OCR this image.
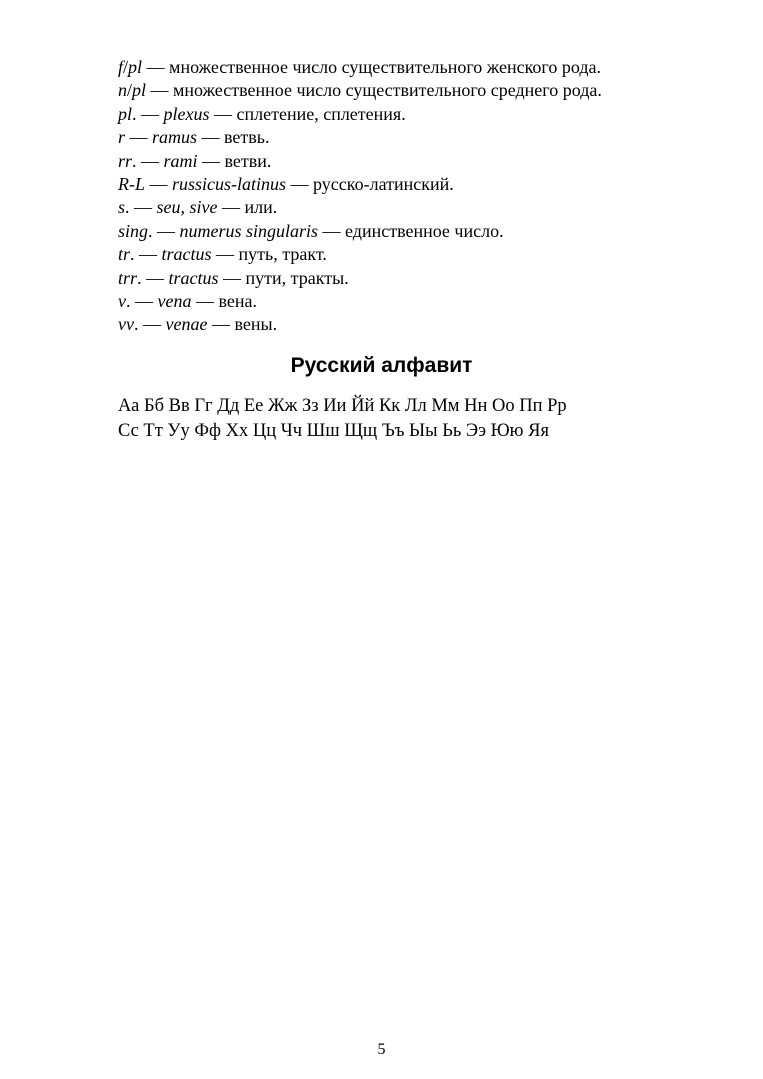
f/pl — множественное число существительного женского рода.
n/pl — множественное число существительного среднего рода.
pl. — plexus — сплетение, сплетения.
r — ramus — ветвь.
rr. — rami — ветви.
R-L — russicus-latinus — русско-латинский.
s. — seu, sive — или.
sing. — numerus singularis — единственное число.
tr. — tractus — путь, тракт.
trr. — tractus — пути, тракты.
v. — vena — вена.
vv. — venae — вены.
Русский алфавит
Аа Бб Вв Гг Дд Ее Жж Зз Ии Йй Кк Лл Мм Нн Оо Пп Рр
Сс Тт Уу Фф Хх Цц Чч Шш Щщ Ъъ Ыы Ьь Ээ Юю Яя
5
